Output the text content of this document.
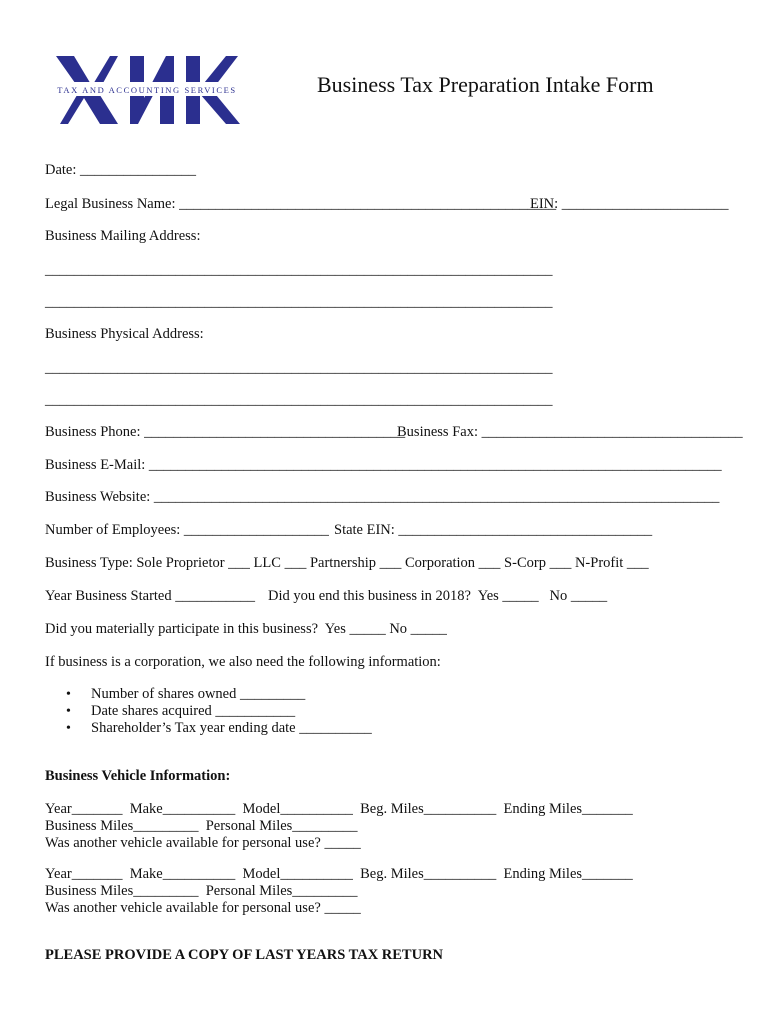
TAX AND ACCOUNTING SERVICES	Business Tax Preparation Intake Form
Date: ________________
Legal Business Name: ____________________________________________________
EIN: _______________________
Business Mailing Address:
______________________________________________________________________
______________________________________________________________________
Business Physical Address:
______________________________________________________________________
______________________________________________________________________
Business Phone: ____________________________________
Business Fax: ____________________________________
Business E-Mail: _______________________________________________________________________________
Business Website: ______________________________________________________________________________
Number of Employees: ____________________ State EIN: ___________________________________
Business Type: Sole Proprietor ___ LLC ___ Partnership ___ Corporation ___ S-Corp ___ N-Profit ___
Year Business Started ___________ Did you end this business in 2018?  Yes _____   No _____
Did you materially participate in this business?  Yes _____ No _____
If business is a corporation, we also need the following information:
• Number of shares owned _________
• Date shares acquired ___________
• Shareholder’s Tax year ending date __________
Business Vehicle Information:
Year_______  Make__________  Model__________  Beg. Miles__________  Ending Miles_______
Business Miles_________  Personal Miles_________
Was another vehicle available for personal use? _____
Year_______  Make__________  Model__________  Beg. Miles__________  Ending Miles_______
Business Miles_________  Personal Miles_________
Was another vehicle available for personal use? _____
PLEASE PROVIDE A COPY OF LAST YEARS TAX RETURN
